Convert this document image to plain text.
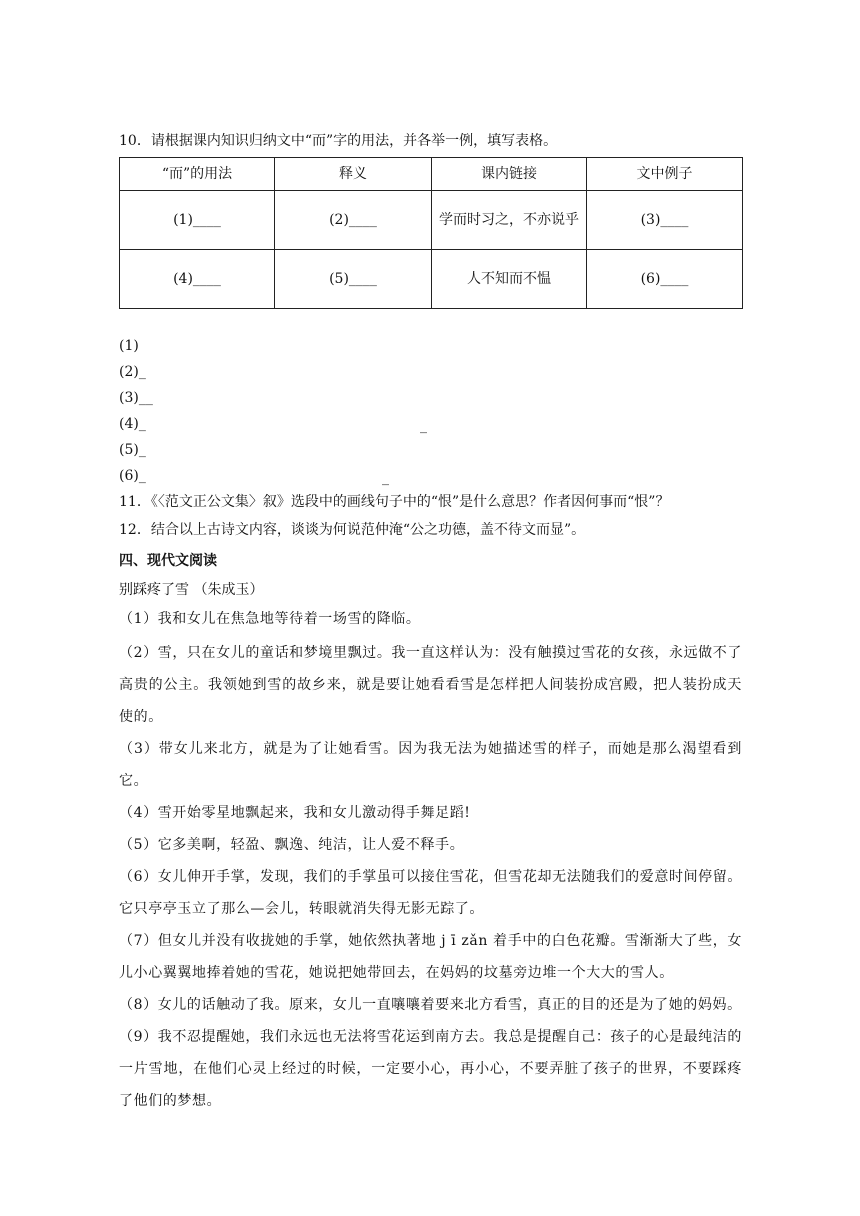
10．请根据课内知识归纳文中“而”字的用法，并各举一例，填写表格。
“而”的用法	释义	课内链接	文中例子
(1)____	(2)____	学而时习之，不亦说乎	(3)____
(4)____	(5)____	人不知而不愠	(6)____
(1)
(2)_
(3)__
(4)_	_
(5)_
(6)_	_
11．《〈范文正公文集〉叙》选段中的画线句子中的“恨”是什么意思？作者因何事而“恨”？
12．结合以上古诗文内容，谈谈为何说范仲淹“公之功德，盖不待文而显”。
四、现代文阅读
别踩疼了雪 （朱成玉）
（1）我和女儿在焦急地等待着一场雪的降临。
（2）雪，只在女儿的童话和梦境里飘过。我一直这样认为：没有触摸过雪花的女孩，永远做不了高贵的公主。我领她到雪的故乡来，就是要让她看看雪是怎样把人间装扮成宫殿，把人装扮成天使的。
（3）带女儿来北方，就是为了让她看雪。因为我无法为她描述雪的样子，而她是那么渴望看到它。
（4）雪开始零星地飘起来，我和女儿激动得手舞足蹈!
（5）它多美啊，轻盈、飘逸、纯洁，让人爱不释手。
（6）女儿伸开手掌，发现，我们的手掌虽可以接住雪花，但雪花却无法随我们的爱意时间停留。它只亭亭玉立了那么—会儿，转眼就消失得无影无踪了。
（7）但女儿并没有收拢她的手掌，她依然执著地 j ī zǎn 着手中的白色花瓣。雪渐渐大了些，女儿小心翼翼地捧着她的雪花，她说把她带回去，在妈妈的坟墓旁边堆一个大大的雪人。
（8）女儿的话触动了我。原来，女儿一直嚷嚷着要来北方看雪，真正的目的还是为了她的妈妈。
（9）我不忍提醒她，我们永远也无法将雪花运到南方去。我总是提醒自己：孩子的心是最纯洁的一片雪地，在他们心灵上经过的时候，一定要小心，再小心，不要弄脏了孩子的世界，不要踩疼了他们的梦想。
